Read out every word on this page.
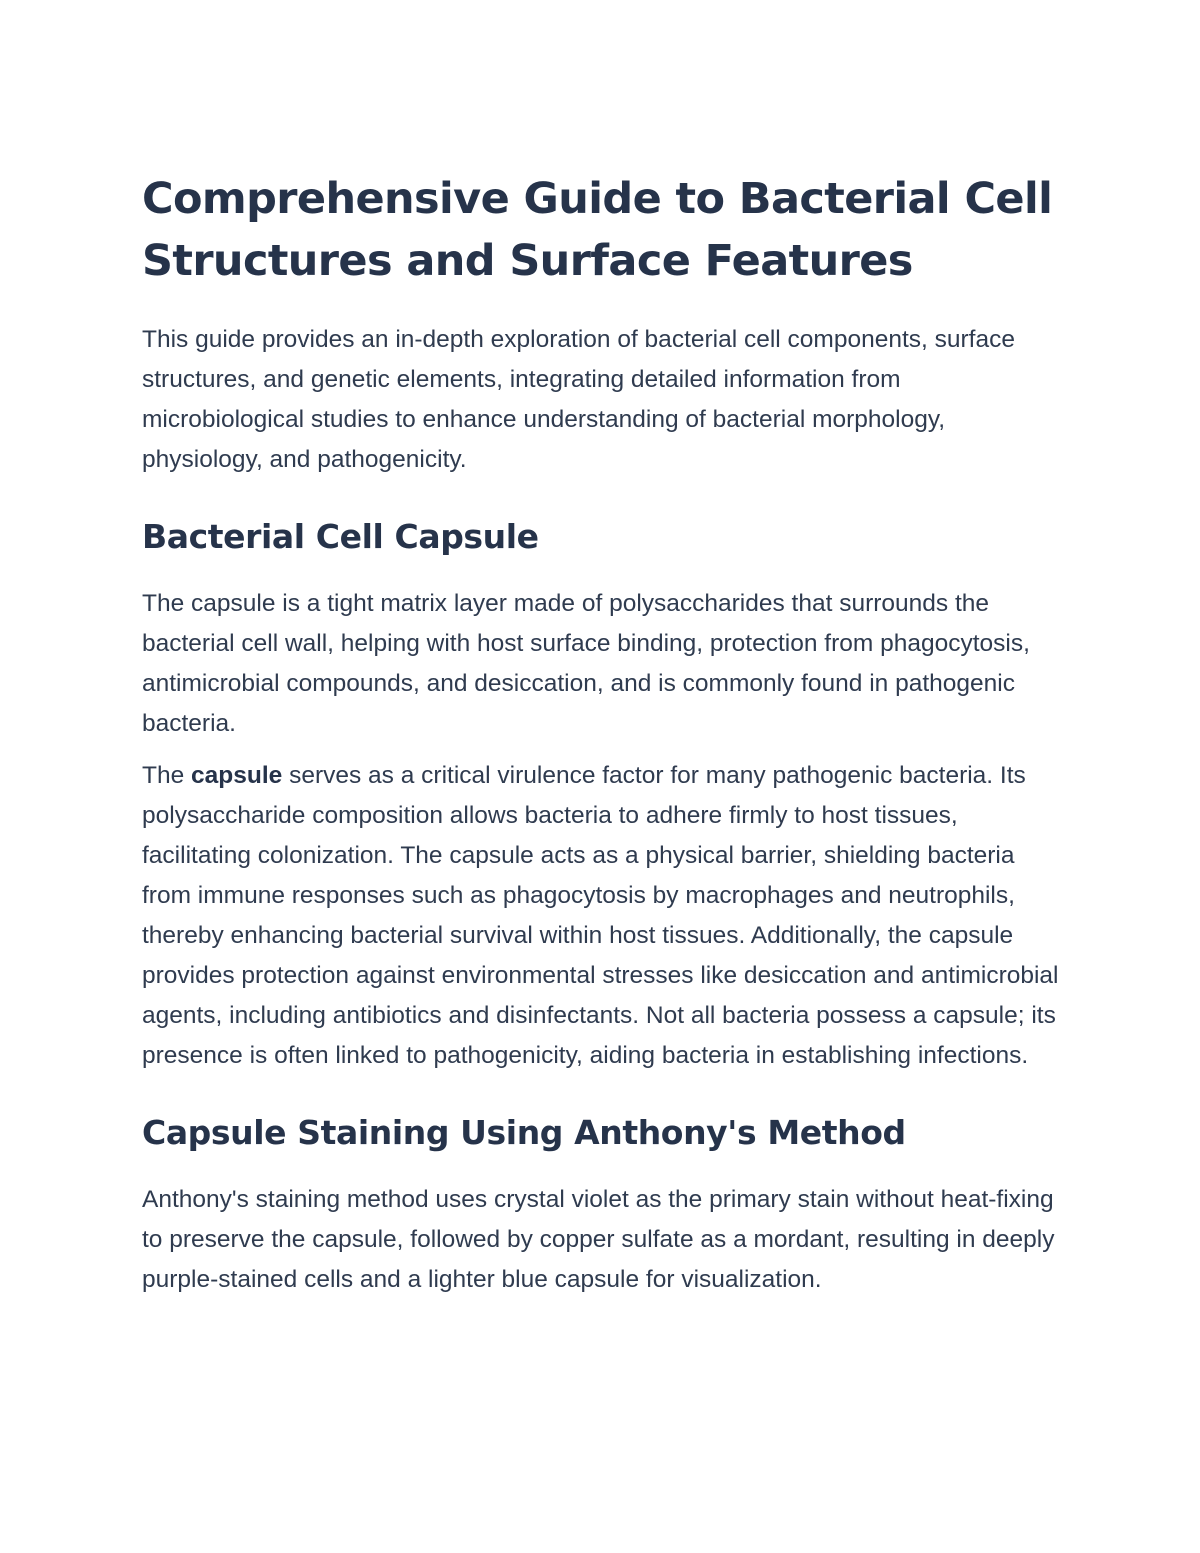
Comprehensive Guide to Bacterial Cell Structures and Surface Features

This guide provides an in-depth exploration of bacterial cell components, surface structures, and genetic elements, integrating detailed information from microbiological studies to enhance understanding of bacterial morphology, physiology, and pathogenicity.

Bacterial Cell Capsule

The capsule is a tight matrix layer made of polysaccharides that surrounds the bacterial cell wall, helping with host surface binding, protection from phagocytosis, antimicrobial compounds, and desiccation, and is commonly found in pathogenic bacteria.

The capsule serves as a critical virulence factor for many pathogenic bacteria. Its polysaccharide composition allows bacteria to adhere firmly to host tissues, facilitating colonization. The capsule acts as a physical barrier, shielding bacteria from immune responses such as phagocytosis by macrophages and neutrophils, thereby enhancing bacterial survival within host tissues. Additionally, the capsule provides protection against environmental stresses like desiccation and antimicrobial agents, including antibiotics and disinfectants. Not all bacteria possess a capsule; its presence is often linked to pathogenicity, aiding bacteria in establishing infections.

Capsule Staining Using Anthony's Method

Anthony's staining method uses crystal violet as the primary stain without heat-fixing to preserve the capsule, followed by copper sulfate as a mordant, resulting in deeply purple-stained cells and a lighter blue capsule for visualization.
